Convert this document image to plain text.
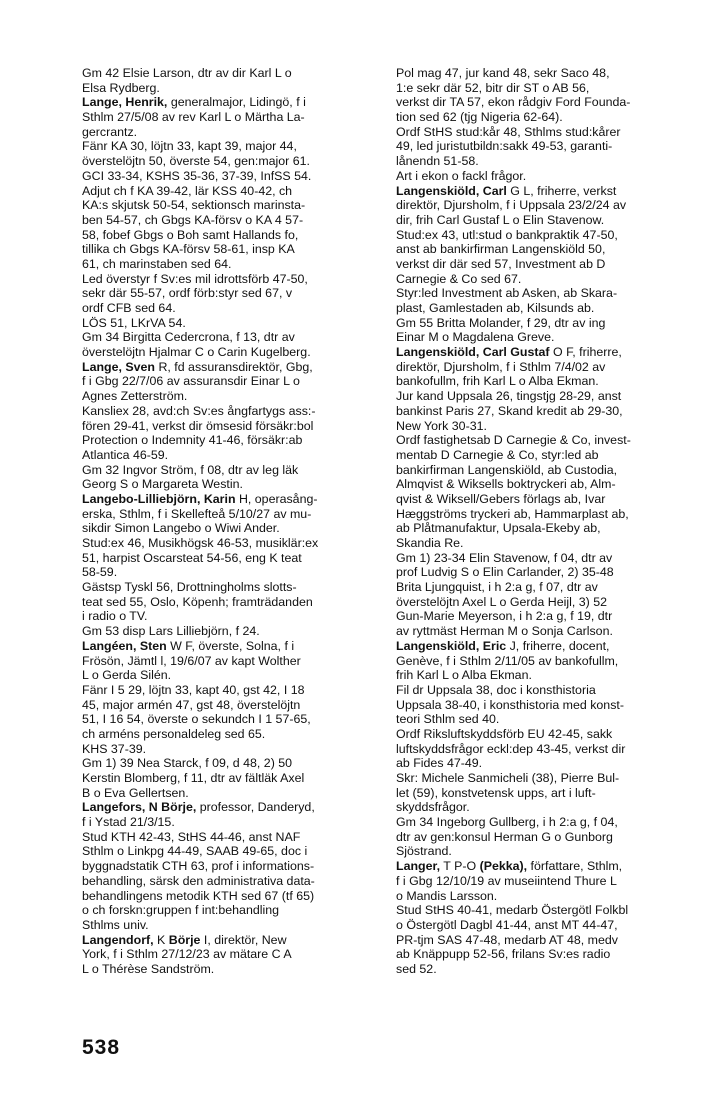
Gm 42 Elsie Larson, dtr av dir Karl L o
Elsa Rydberg.
Lange, Henrik, generalmajor, Lidingö, f i
Sthlm 27/5/08 av rev Karl L o Märtha La-
gercrantz.
Fänr KA 30, löjtn 33, kapt 39, major 44,
överstelöjtn 50, överste 54, gen:major 61.
GCI 33-34, KSHS 35-36, 37-39, InfSS 54.
Adjut ch f KA 39-42, lär KSS 40-42, ch
KA:s skjutsk 50-54, sektionsch marinsta-
ben 54-57, ch Gbgs KA-försv o KA 4 57-
58, fobef Gbgs o Boh samt Hallands fo,
tillika ch Gbgs KA-försv 58-61, insp KA
61, ch marinstaben sed 64.
Led överstyr f Sv:es mil idrottsförb 47-50,
sekr där 55-57, ordf förb:styr sed 67, v
ordf CFB sed 64.
LÖS 51, LKrVA 54.
Gm 34 Birgitta Cedercrona, f 13, dtr av
överstelöjtn Hjalmar C o Carin Kugelberg.
Lange, Sven R, fd assuransdirektör, Gbg,
f i Gbg 22/7/06 av assuransdir Einar L o
Agnes Zetterström.
Kansliex 28, avd:ch Sv:es ångfartygs ass:-
fören 29-41, verkst dir ömsesid försäkr:bol
Protection o Indemnity 41-46, försäkr:ab
Atlantica 46-59.
Gm 32 Ingvor Ström, f 08, dtr av leg läk
Georg S o Margareta Westin.
Langebo-Lilliebjörn, Karin H, operasång-
erska, Sthlm, f i Skellefteå 5/10/27 av mu-
sikdir Simon Langebo o Wiwi Ander.
Stud:ex 46, Musikhögsk 46-53, musiklär:ex
51, harpist Oscarsteat 54-56, eng K teat
58-59.
Gästsp Tyskl 56, Drottningholms slotts-
teat sed 55, Oslo, Köpenh; framträdanden
i radio o TV.
Gm 53 disp Lars Lilliebjörn, f 24.
Langéen, Sten W F, överste, Solna, f i
Frösön, Jämtl l, 19/6/07 av kapt Wolther
L o Gerda Silén.
Fänr I 5 29, löjtn 33, kapt 40, gst 42, I 18
45, major armén 47, gst 48, överstelöjtn
51, I 16 54, överste o sekundch I 1 57-65,
ch arméns personaldeleg sed 65.
KHS 37-39.
Gm 1) 39 Nea Starck, f 09, d 48, 2) 50
Kerstin Blomberg, f 11, dtr av fältläk Axel
B o Eva Gellertsen.
Langefors, N Börje, professor, Danderyd,
f i Ystad 21/3/15.
Stud KTH 42-43, StHS 44-46, anst NAF
Sthlm o Linkpg 44-49, SAAB 49-65, doc i
byggnadstatik CTH 63, prof i informations-
behandling, särsk den administrativa data-
behandlingens metodik KTH sed 67 (tf 65)
o ch forskn:gruppen f int:behandling
Sthlms univ.
Langendorf, K Börje I, direktör, New
York, f i Sthlm 27/12/23 av mätare C A
L o Thérèse Sandström.
Pol mag 47, jur kand 48, sekr Saco 48,
1:e sekr där 52, bitr dir ST o AB 56,
verkst dir TA 57, ekon rådgiv Ford Founda-
tion sed 62 (tjg Nigeria 62-64).
Ordf StHS stud:kår 48, Sthlms stud:kårer
49, led juristutbildn:sakk 49-53, garanti-
lånendn 51-58.
Art i ekon o fackl frågor.
Langenskiöld, Carl G L, friherre, verkst
direktör, Djursholm, f i Uppsala 23/2/24 av
dir, frih Carl Gustaf L o Elin Stavenow.
Stud:ex 43, utl:stud o bankpraktik 47-50,
anst ab bankirfirman Langenskiöld 50,
verkst dir där sed 57, Investment ab D
Carnegie & Co sed 67.
Styr:led Investment ab Asken, ab Skara-
plast, Gamlestaden ab, Kilsunds ab.
Gm 55 Britta Molander, f 29, dtr av ing
Einar M o Magdalena Greve.
Langenskiöld, Carl Gustaf O F, friherre,
direktör, Djursholm, f i Sthlm 7/4/02 av
bankofullm, frih Karl L o Alba Ekman.
Jur kand Uppsala 26, tingstjg 28-29, anst
bankinst Paris 27, Skand kredit ab 29-30,
New York 30-31.
Ordf fastighetsab D Carnegie & Co, invest-
mentab D Carnegie & Co, styr:led ab
bankirfirman Langenskiöld, ab Custodia,
Almqvist & Wiksells boktryckeri ab, Alm-
qvist & Wiksell/Gebers förlags ab, Ivar
Hæggströms tryckeri ab, Hammarplast ab,
ab Plåtmanufaktur, Upsala-Ekeby ab,
Skandia Re.
Gm 1) 23-34 Elin Stavenow, f 04, dtr av
prof Ludvig S o Elin Carlander, 2) 35-48
Brita Ljungquist, i h 2:a g, f 07, dtr av
överstelöjtn Axel L o Gerda Heijl, 3) 52
Gun-Marie Meyerson, i h 2:a g, f 19, dtr
av ryttmäst Herman M o Sonja Carlson.
Langenskiöld, Eric J, friherre, docent,
Genève, f i Sthlm 2/11/05 av bankofullm,
frih Karl L o Alba Ekman.
Fil dr Uppsala 38, doc i konsthistoria
Uppsala 38-40, i konsthistoria med konst-
teori Sthlm sed 40.
Ordf Riksluftskyddsförb EU 42-45, sakk
luftskyddsfrågor eckl:dep 43-45, verkst dir
ab Fides 47-49.
Skr: Michele Sanmicheli (38), Pierre Bul-
let (59), konstvetensk upps, art i luft-
skyddsfrågor.
Gm 34 Ingeborg Gullberg, i h 2:a g, f 04,
dtr av gen:konsul Herman G o Gunborg
Sjöstrand.
Langer, T P-O (Pekka), författare, Sthlm,
f i Gbg 12/10/19 av museiintend Thure L
o Mandis Larsson.
Stud StHS 40-41, medarb Östergötl Folkbl
o Östergötl Dagbl 41-44, anst MT 44-47,
PR-tjm SAS 47-48, medarb AT 48, medv
ab Knäppupp 52-56, frilans Sv:es radio
sed 52.
538
